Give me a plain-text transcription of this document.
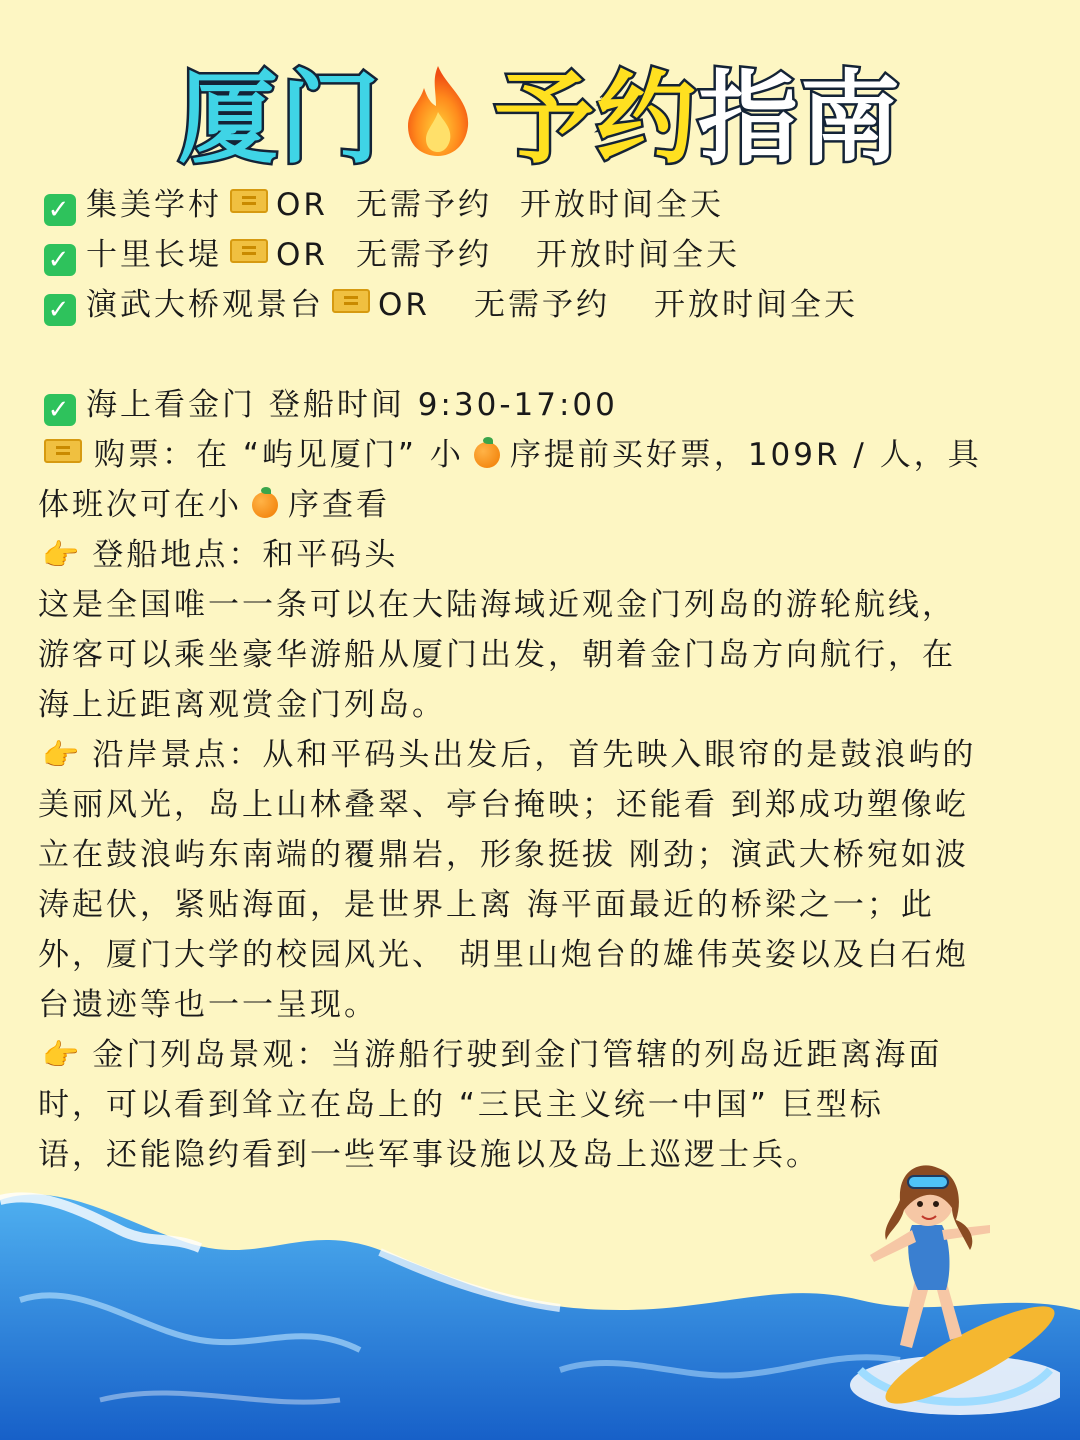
厦门 予约 指南
✓ 集美学村 OR 无需予约 开放时间全天
✓ 十里长堤 OR 无需予约 开放时间全天
✓ 演武大桥观景台 OR 无需予约 开放时间全天
✓ 海上看金门 登船时间 9:30-17:00
购票：在 “屿见厦门” 小 序提前买好票，109R / 人，具
体班次可在小 序查看
👉 登船地点：和平码头
这是全国唯一一条可以在大陆海域近观金门列岛的游轮航线，
游客可以乘坐豪华游船从厦门出发，朝着金门岛方向航行，在
海上近距离观赏金门列岛。
👉 沿岸景点：从和平码头出发后，首先映入眼帘的是鼓浪屿的
美丽风光，岛上山林叠翠、亭台掩映；还能看 到郑成功塑像屹
立在鼓浪屿东南端的覆鼎岩，形象挺拔 刚劲；演武大桥宛如波
涛起伏，紧贴海面，是世界上离 海平面最近的桥梁之一；此
外，厦门大学的校园风光、 胡里山炮台的雄伟英姿以及白石炮
台遗迹等也一一呈现。
👉 金门列岛景观：当游船行驶到金门管辖的列岛近距离海面
时，可以看到耸立在岛上的 “三民主义统一中国” 巨型标
语，还能隐约看到一些军事设施以及岛上巡逻士兵。
